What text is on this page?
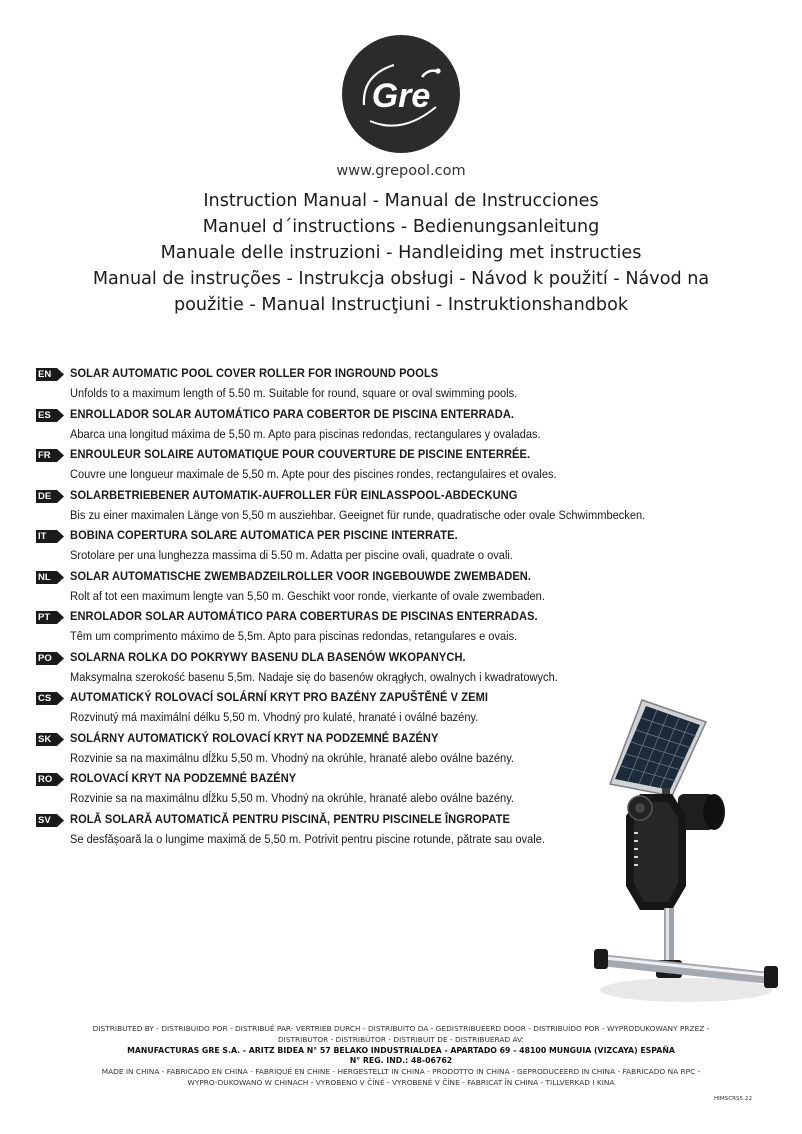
Gre
www.grepool.com
Instruction Manual - Manual de Instrucciones
Manuel d´instructions - Bedienungsanleitung
Manuale delle instruzioni - Handleiding met instructies
Manual de instruções - Instrukcja obsługi - Návod k použití - Návod na
použitie - Manual Instrucţiuni - Instruktionshandbok
EN SOLAR AUTOMATIC POOL COVER ROLLER FOR INGROUND POOLS
Unfolds to a maximum length of 5.50 m. Suitable for round, square or oval swimming pools.
ES ENROLLADOR SOLAR AUTOMÁTICO PARA COBERTOR DE PISCINA ENTERRADA.
Abarca una longitud máxima de 5,50 m. Apto para piscinas redondas, rectangulares y ovaladas.
FR ENROULEUR SOLAIRE AUTOMATIQUE POUR COUVERTURE DE PISCINE ENTERRÉE.
Couvre une longueur maximale de 5,50 m. Apte pour des piscines rondes, rectangulaires et ovales.
DE SOLARBETRIEBENER AUTOMATIK-AUFROLLER FÜR EINLASSPOOL-ABDECKUNG
Bis zu einer maximalen Länge von 5,50 m ausziehbar. Geeignet für runde, quadratische oder ovale Schwimmbecken.
IT BOBINA COPERTURA SOLARE AUTOMATICA PER PISCINE INTERRATE.
Srotolare per una lunghezza massima di 5.50 m. Adatta per piscine ovali, quadrate o ovali.
NL SOLAR AUTOMATISCHE ZWEMBADZEILROLLER VOOR INGEBOUWDE ZWEMBADEN.
Rolt af tot een maximum lengte van 5,50 m. Geschikt voor ronde, vierkante of ovale zwembaden.
PT ENROLADOR SOLAR AUTOMÁTICO PARA COBERTURAS DE PISCINAS ENTERRADAS.
Têm um comprimento máximo de 5,5m. Apto para piscinas redondas, retangulares e ovais.
PO SOLARNA ROLKA DO POKRYWY BASENU DLA BASENÓW WKOPANYCH.
Maksymalna szerokość basenu 5,5m. Nadaje się do basenów okrągłych, owalnych i kwadratowych.
CS AUTOMATICKÝ ROLOVACÍ SOLÁRNÍ KRYT PRO BAZÉNY ZAPUŠTĚNÉ V ZEMI
Rozvinutý má maximální délku 5,50 m. Vhodný pro kulaté, hranaté i oválné bazény.
SK SOLÁRNY AUTOMATICKÝ ROLOVACÍ KRYT NA PODZEMNÉ BAZÉNY
Rozvinie sa na maximálnu dĺžku 5,50 m. Vhodný na okrúhle, hranaté alebo oválne bazény.
RO ROLOVACÍ KRYT NA PODZEMNÉ BAZÉNY
Rozvinie sa na maximálnu dĺžku 5,50 m. Vhodný na okrúhle, hranaté alebo oválne bazény.
SV ROLĂ SOLARĂ AUTOMATICĂ PENTRU PISCINĂ, PENTRU PISCINELE ÎNGROPATE
Se desfășoară la o lungime maximă de 5,50 m. Potrivit pentru piscine rotunde, pătrate sau ovale.
DISTRIBUTED BY - DISTRIBUIDO POR - DISTRIBUÉ PAR- VERTRIEB DURCH - DISTRIBUITO DA - GEDISTRIBUEERD DOOR - DISTRIBUÍDO POR - WYPRODUKOWANY PRZEZ -
DISTRIBUTOR - DISTRIBÚTOR - DISTRIBUIT DE - DISTRIBUERAD AV:
MANUFACTURAS GRE S.A. - ARITZ BIDEA N° 57 BELAKO INDUSTRIALDEA - APARTADO 69 - 48100 MUNGUIA (VIZCAYA) ESPAÑA
N° REG. IND.: 48-06762
MADE IN CHINA - FABRICADO EN CHINA - FABRIQUÉ EN CHINE - HERGESTELLT IN CHINA - PRODOTTO IN CHINA - GEPRODUCEERD IN CHINA - FABRICADO NA RPC -
WYPRO-DUKOWANO W CHINACH - VYROBENO V ČÍNĚ - VYROBENÉ V ČÍNE - FABRICAT ÎN CHINA - TILLVERKAD I KINA
HIMSCRS5.22
